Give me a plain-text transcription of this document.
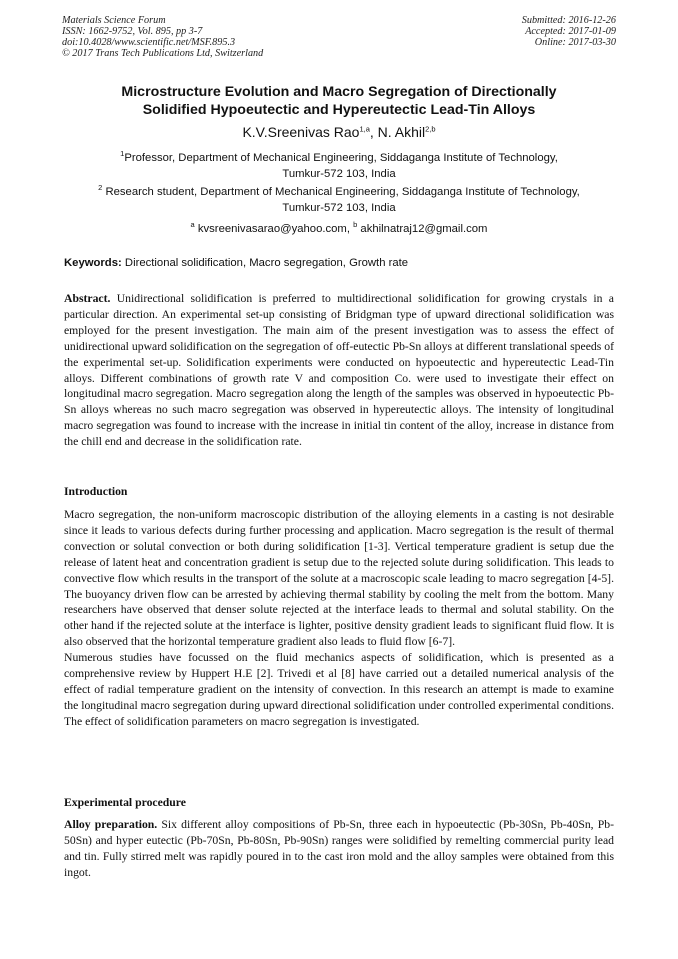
Materials Science Forum
ISSN: 1662-9752, Vol. 895, pp 3-7
doi:10.4028/www.scientific.net/MSF.895.3
© 2017 Trans Tech Publications Ltd, Switzerland
Submitted: 2016-12-26
Accepted: 2017-01-09
Online: 2017-03-30
Microstructure Evolution and Macro Segregation of Directionally
Solidified Hypoeutectic and Hypereutectic Lead-Tin Alloys
K.V.Sreenivas Rao$^{1,a}$, N. Akhil$^{2,b}$
$^1$Professor, Department of Mechanical Engineering, Siddaganga Institute of Technology,
Tumkur-572 103, India
$^2$ Research student, Department of Mechanical Engineering, Siddaganga Institute of Technology,
Tumkur-572 103, India
$^a$ kvsreenivasarao@yahoo.com, $^b$ akhilnatraj12@gmail.com
Keywords: Directional solidification, Macro segregation, Growth rate
Abstract. Unidirectional solidification is preferred to multidirectional solidification for growing crystals in a particular direction. An experimental set-up consisting of Bridgman type of upward directional solidification was employed for the present investigation. The main aim of the present investigation was to assess the effect of unidirectional upward solidification on the segregation of off-eutectic Pb-Sn alloys at different translational speeds of the experimental set-up. Solidification experiments were conducted on hypoeutectic and hypereutectic Lead-Tin alloys. Different combinations of growth rate V and composition Co. were used to investigate their effect on longitudinal macro segregation. Macro segregation along the length of the samples was observed in hypoeutectic Pb-Sn alloys whereas no such macro segregation was observed in hypereutectic alloys. The intensity of longitudinal macro segregation was found to increase with the increase in initial tin content of the alloy, increase in distance from the chill end and decrease in the solidification rate.
Introduction

Macro segregation, the non-uniform macroscopic distribution of the alloying elements in a casting is not desirable since it leads to various defects during further processing and application. Macro segregation is the result of thermal convection or solutal convection or both during solidification [1-3]. Vertical temperature gradient is setup due the release of latent heat and concentration gradient is setup due to the rejected solute during solidification. This leads to convective flow which results in the transport of the solute at a macroscopic scale leading to macro segregation [4-5]. The buoyancy driven flow can be arrested by achieving thermal stability by cooling the melt from the bottom. Many researchers have observed that denser solute rejected at the interface leads to thermal and solutal stability. On the other hand if the rejected solute at the interface is lighter, positive density gradient leads to significant fluid flow. It is also observed that the horizontal temperature gradient also leads to fluid flow [6-7].

Numerous studies have focussed on the fluid mechanics aspects of solidification, which is presented as a comprehensive review by Huppert H.E [2]. Trivedi et al [8] have carried out a detailed numerical analysis of the effect of radial temperature gradient on the intensity of convection. In this research an attempt is made to examine the longitudinal macro segregation during upward directional solidification under controlled experimental conditions. The effect of solidification parameters on macro segregation is investigated.

Experimental procedure
Alloy preparation. Six different alloy compositions of Pb-Sn, three each in hypoeutectic (Pb-30Sn, Pb-40Sn, Pb-50Sn) and hyper eutectic (Pb-70Sn, Pb-80Sn, Pb-90Sn) ranges were solidified by remelting commercial purity lead and tin. Fully stirred melt was rapidly poured in to the cast iron mold and the alloy samples were obtained from this ingot.
